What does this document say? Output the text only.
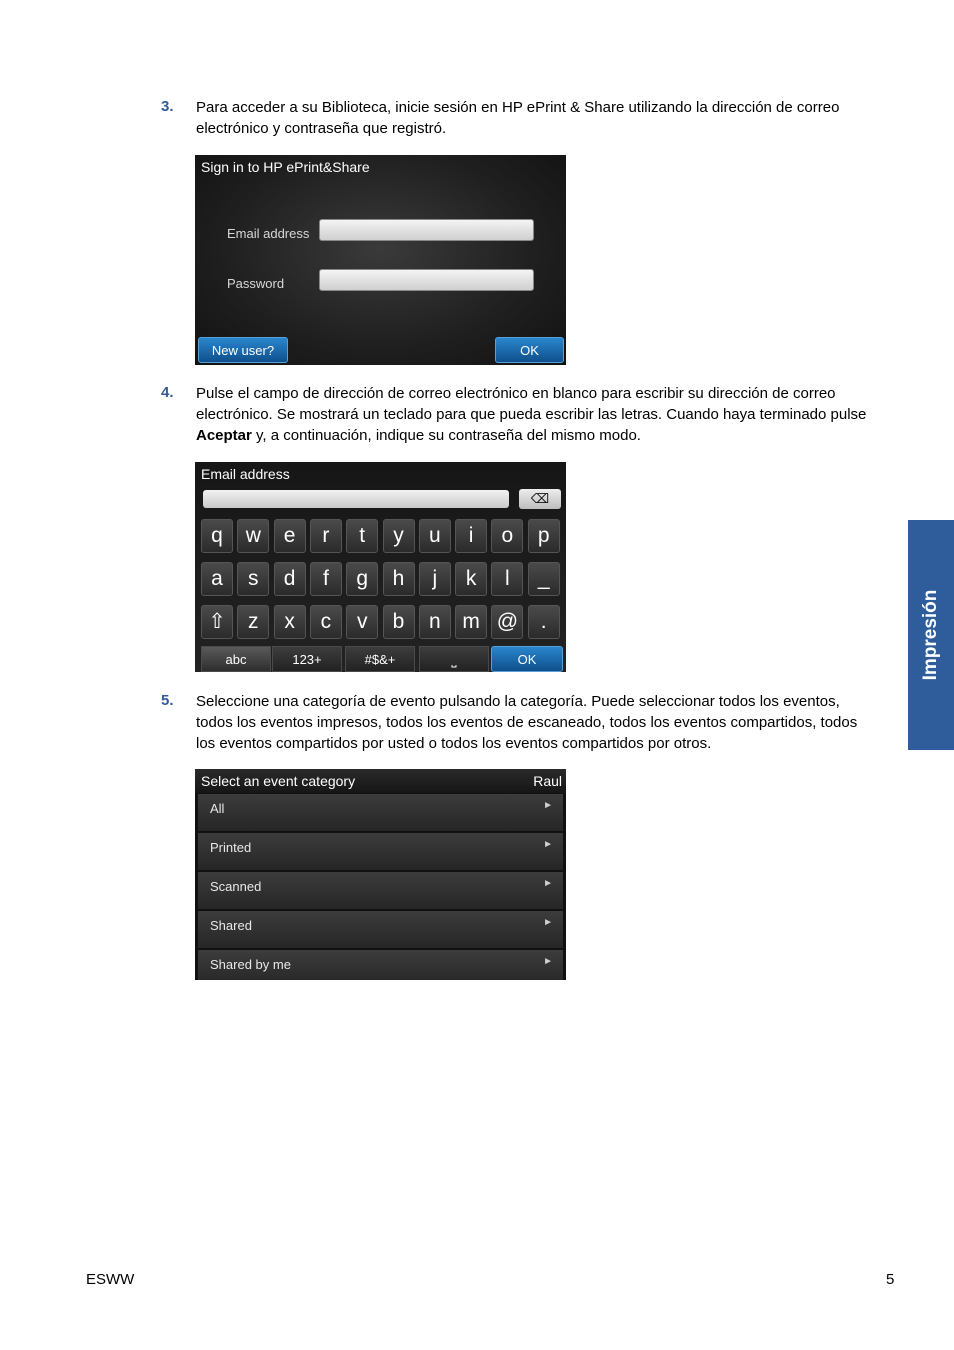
3. Para acceder a su Biblioteca, inicie sesión en HP ePrint & Share utilizando la dirección de correo electrónico y contraseña que registró.
Sign in to HP ePrint&Share
Email address
Password
New user?	OK
4. Pulse el campo de dirección de correo electrónico en blanco para escribir su dirección de correo electrónico. Se mostrará un teclado para que pueda escribir las letras. Cuando haya terminado pulse Aceptar y, a continuación, indique su contraseña del mismo modo.
Email address
⌫
q	w	e	r	t	y	u	i	o	p
a	s	d	f	g	h	j	k	l	_
⇧	z	x	c	v	b	n	m @	.
abc	123+	#$&+	⎵	OK
5. Seleccione una categoría de evento pulsando la categoría. Puede seleccionar todos los eventos, todos los eventos impresos, todos los eventos de escaneado, todos los eventos compartidos, todos los eventos compartidos por usted o todos los eventos compartidos por otros.
Select an event category	Raul
All	►
Printed	►
Scanned	►
Shared	►
Shared by me	►
Impresión
ESWW	5
